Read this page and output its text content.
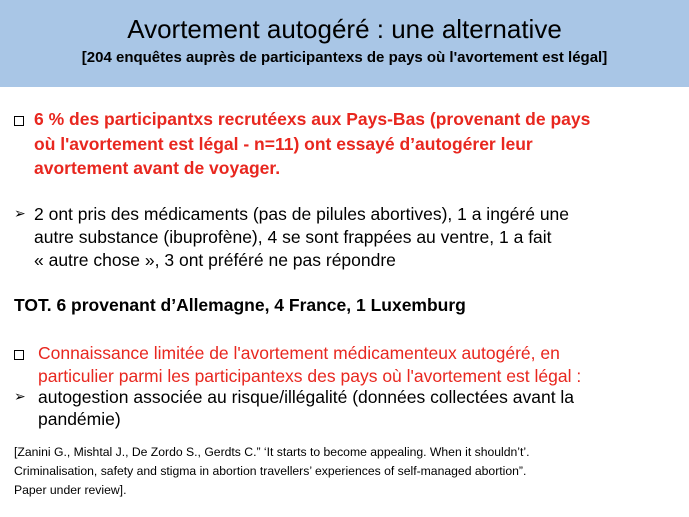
Avortement autogéré : une alternative
[204 enquêtes auprès de participantexs de pays où l'avortement est légal]
6 % des participantxs recrutéexs aux Pays-Bas (provenant de pays
où l'avortement est légal - n=11) ont essayé d’autogérer leur
avortement avant de voyager.
➢ 2 ont pris des médicaments (pas de pilules abortives), 1 a ingéré une
autre substance (ibuprofène), 4 se sont frappées au ventre, 1 a fait
« autre chose », 3 ont préféré ne pas répondre
TOT. 6 provenant d’Allemagne, 4 France, 1 Luxemburg
Connaissance limitée de l'avortement médicamenteux autogéré, en
particulier parmi les participantexs des pays où l'avortement est légal :
➢ autogestion associée au risque/illégalité (données collectées avant la
pandémie)
[Zanini G., Mishtal J., De Zordo S., Gerdts C.” ‘It starts to become appealing. When it shouldn’t’.
Criminalisation, safety and stigma in abortion travellers’ experiences of self-managed abortion”.
Paper under review].
